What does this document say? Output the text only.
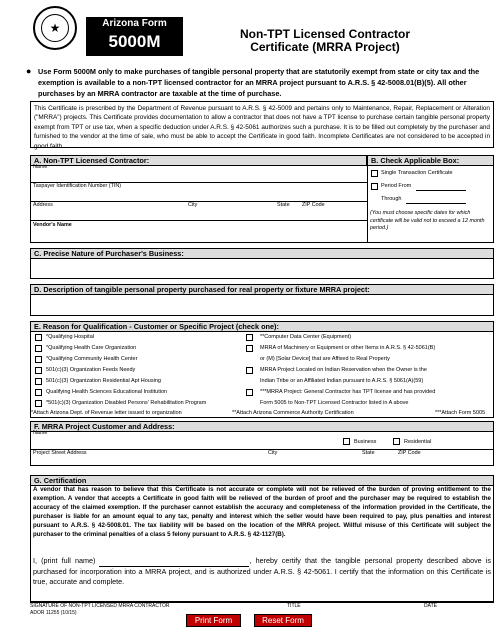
★	Arizona Form
5000M	Non-TPT Licensed Contractor
Certificate (MRRA Project)
● Use Form 5000M only to make purchases of tangible personal property that are statutorily exempt from state or city tax and the exemption is available to a non-TPT licensed contractor for an MRRA project pursuant to A.R.S. § 42-5008.01(B)(5). All other purchases by an MRRA contractor are taxable at the time of purchase.
This Certificate is prescribed by the Department of Revenue pursuant to A.R.S. § 42-5009 and pertains only to Maintenance, Repair, Replacement or Alteration ("MRRA") projects. This Certificate provides documentation to allow a contractor that does not have a TPT license to purchase certain tangible personal property exempt from TPT or use tax, when a specific deduction under A.R.S. § 42-5061 authorizes such a purchase. It is to be filled out completely by the purchaser and furnished to the vendor at the time of sale, who must be able to accept the Certificate in good faith. Incomplete Certificates are not considered to be accepted in good faith.
A. Non-TPT Licensed Contractor:	B. Check Applicable Box:
Name
Taxpayer Identification Number (TIN)
Address	City	State ZIP Code
Vendor's Name
Single Transaction Certificate
Period From
Through
(You must choose specific dates for which certificate will be valid not to exceed a 12 month period.)
C. Precise Nature of Purchaser's Business:
D. Description of tangible personal property purchased for real property or fixture MRRA project:
E. Reason for Qualification - Customer or Specific Project (check one):
*Qualifying Hospital
*Qualifying Health Care Organization
*Qualifying Community Health Center
501(c)(3) Organization Feeds Needy
501(c)(3) Organization Residential Apt Housing
Qualifying Health Sciences Educational Institution
*501(c)(3) Organization Disabled Persons' Rehabilitation Program
**Computer Data Center (Equipment)
MRRA of Machinery or Equipment or other Items in A.R.S. § 42-5061(B)
or (M) [Solar Device] that are Affixed to Real Property
MRRA Project Located on Indian Reservation when the Owner is the
Indian Tribe or an Affiliated Indian pursuant to A.R.S. § 5061(A)(59)
***MRRA Project: General Contractor has TPT license and has provided
Form 5005 to Non-TPT Licensed Contractor listed in A above
*Attach Arizona Dept. of Revenue letter issued to organization	**Attach Arizona Commerce Authority Certification	***Attach Form 5005
F. MRRA Project Customer and Address:
Name
Business	Residential
Project Street Address	City	State	ZIP Code
G. Certification
A vendor that has reason to believe that this Certificate is not accurate or complete will not be relieved of the burden of proving entitlement to the exemption. A vendor that accepts a Certificate in good faith will be relieved of the burden of proof and the purchaser may be required to establish the accuracy of the claimed exemption. If the purchaser cannot establish the accuracy and completeness of the information provided in the Certificate, the purchaser is liable for an amount equal to any tax, penalty and interest which the seller would have been required to pay, plus penalties and interest pursuant to A.R.S. § 42-5008.01. The tax liability will be based on the location of the MRRA project. Willful misuse of this Certificate will subject the purchaser to the criminal penalties of a class 5 felony pursuant to A.R.S. § 42-1127(B).
I, (print full name)	, hereby certify that the tangible personal property described above is purchased for incorporation into a MRRA project, and is authorized under A.R.S. § 42-5061. I certify that the information on this Certificate is true, accurate and complete.
SIGNATURE OF NON-TPT LICENSED MRRA CONTRACTOR	TITLE	DATE
ADOR 11255 (10/15)
Print Form	Reset Form
